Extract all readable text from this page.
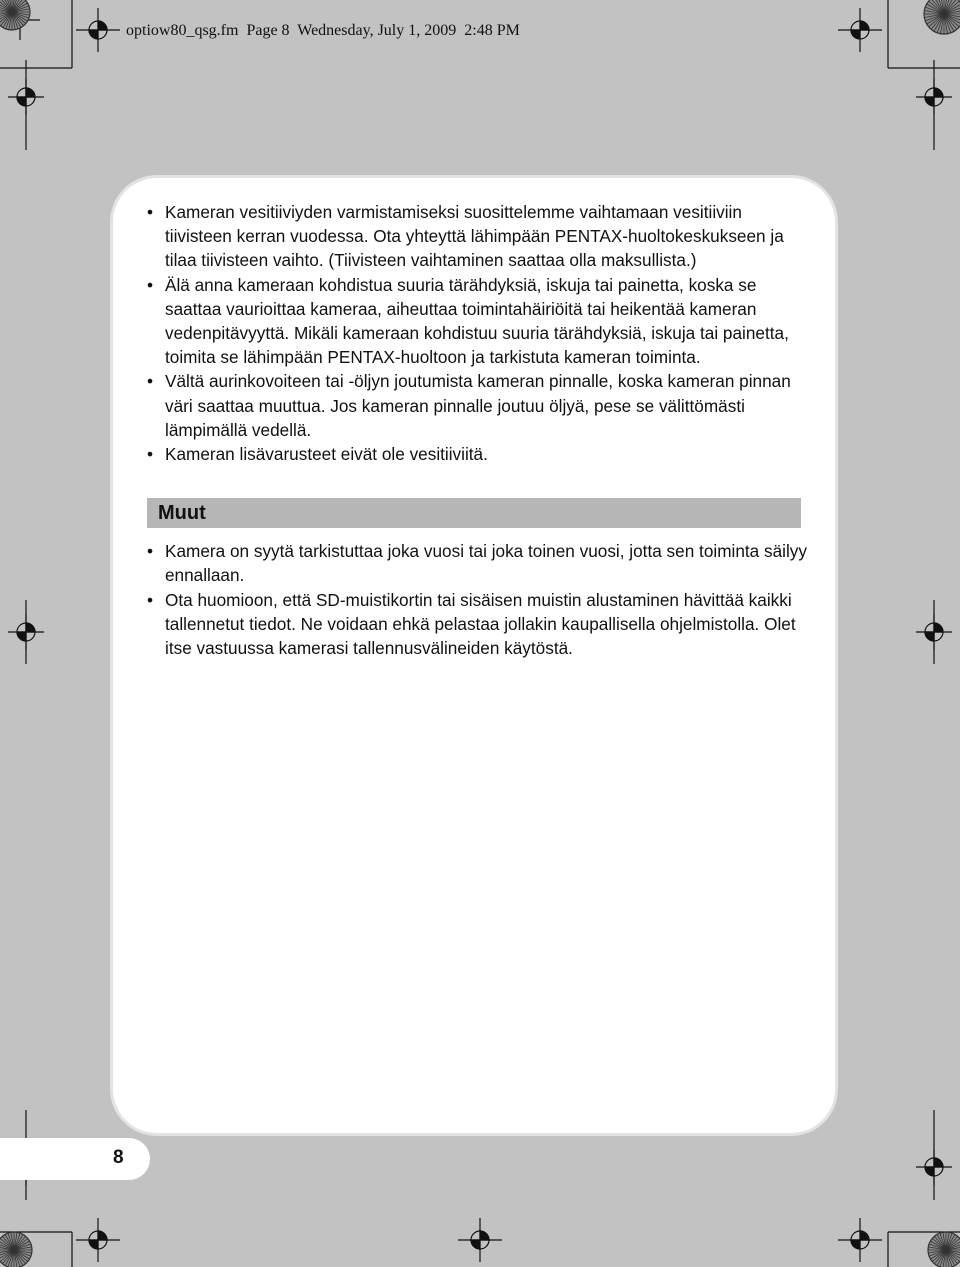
optiow80_qsg.fm  Page 8  Wednesday, July 1, 2009  2:48 PM
• Kameran vesitiiviyden varmistamiseksi suosittelemme vaihtamaan vesitiiviin tiivisteen kerran vuodessa. Ota yhteyttä lähimpään PENTAX-huoltokeskukseen ja tilaa tiivisteen vaihto. (Tiivisteen vaihtaminen saattaa olla maksullista.)
• Älä anna kameraan kohdistua suuria tärähdyksiä, iskuja tai painetta, koska se saattaa vaurioittaa kameraa, aiheuttaa toimintahäiriöitä tai heikentää kameran vedenpitävyyttä. Mikäli kameraan kohdistuu suuria tärähdyksiä, iskuja tai painetta, toimita se lähimpään PENTAX-huoltoon ja tarkistuta kameran toiminta.
• Vältä aurinkovoiteen tai -öljyn joutumista kameran pinnalle, koska kameran pinnan väri saattaa muuttua. Jos kameran pinnalle joutuu öljyä, pese se välittömästi lämpimällä vedellä.
• Kameran lisävarusteet eivät ole vesitiiviitä.
Muut
• Kamera on syytä tarkistuttaa joka vuosi tai joka toinen vuosi, jotta sen toiminta säilyy ennallaan.
• Ota huomioon, että SD-muistikortin tai sisäisen muistin alustaminen hävittää kaikki tallennetut tiedot. Ne voidaan ehkä pelastaa jollakin kaupallisella ohjelmistolla. Olet itse vastuussa kamerasi tallennusvälineiden käytöstä.
8
